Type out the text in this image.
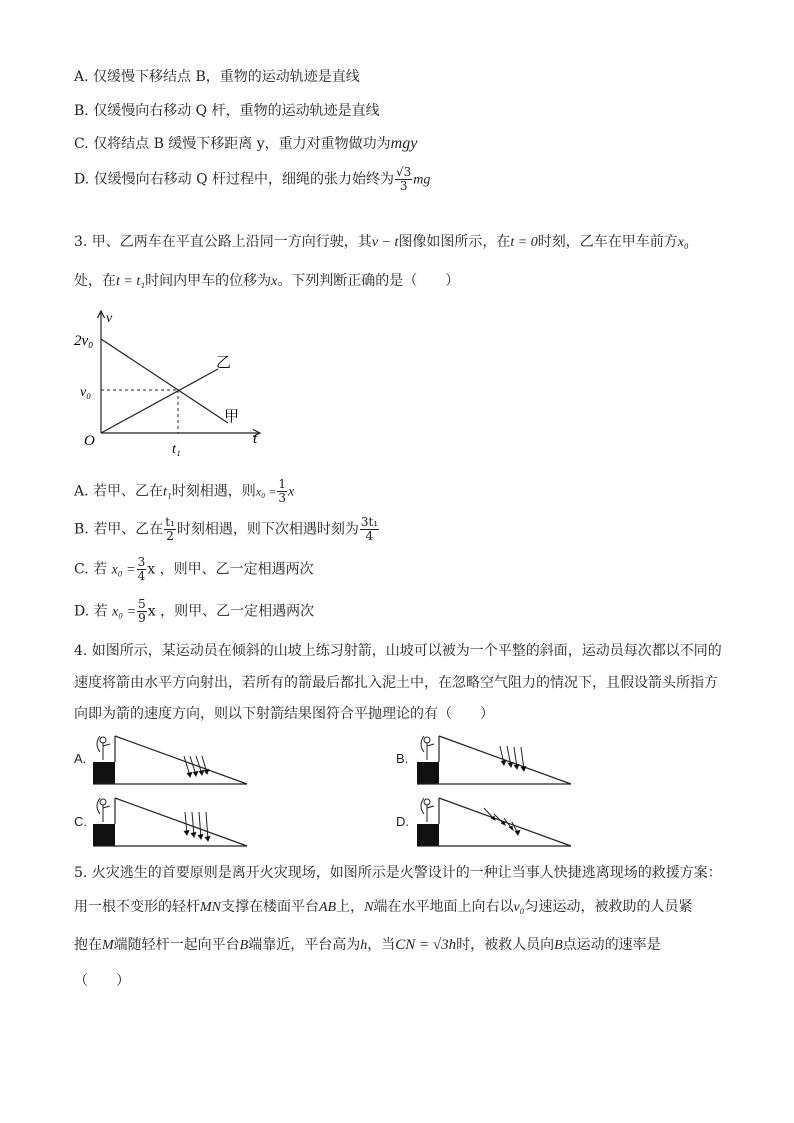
A. 仅缓慢下移结点 B，重物的运动轨迹是直线
B. 仅缓慢向右移动 Q 杆，重物的运动轨迹是直线
C. 仅将结点 B 缓慢下移距离 y，重力对重物做功为mgy
D. 仅缓慢向右移动 Q 杆过程中，细绳的张力始终为 $\frac{√3}{3}$ mg
3. 甲、乙两车在平直公路上沿同一方向行驶，其v − t图像如图所示，在t = 0时刻，乙车在甲车前方x₀
处，在t = t₁时间内甲车的位移为x。下列判断正确的是（　　）
v
2v₀
v₀
O
t₁
t
乙
甲
A. 若甲、乙在t₁时刻相遇，则$x_0 = \frac{1}{3}$ x
B. 若甲、乙在 $\frac{\text{t₁}}{2}$ 时刻相遇，则下次相遇时刻为 $\frac{\text{3t₁}}{4}$
C. 若 $x_0 = \frac{3}{4}$ x ，则甲、乙一定相遇两次
D. 若 $x_0 = \frac{5}{9}$ x ，则甲、乙一定相遇两次
4. 如图所示，某运动员在倾斜的山坡上练习射箭，山坡可以被为一个平整的斜面，运动员每次都以不同的
速度将箭由水平方向射出，若所有的箭最后都扎入泥土中，在忽略空气阻力的情况下，且假设箭头所指方
向即为箭的速度方向，则以下射箭结果图符合平抛理论的有（　　）
A.	B.
C.	D.
5. 火灾逃生的首要原则是离开火灾现场，如图所示是火警设计的一种让当事人快捷逃离现场的救援方案：
用一根不变形的轻杆MN支撑在楼面平台AB上，N端在水平地面上向右以v₀匀速运动，被救助的人员紧
抱在M端随轻杆一起向平台B端靠近，平台高为h，当CN = √3h时，被救人员向B点运动的速率是
（　　）
